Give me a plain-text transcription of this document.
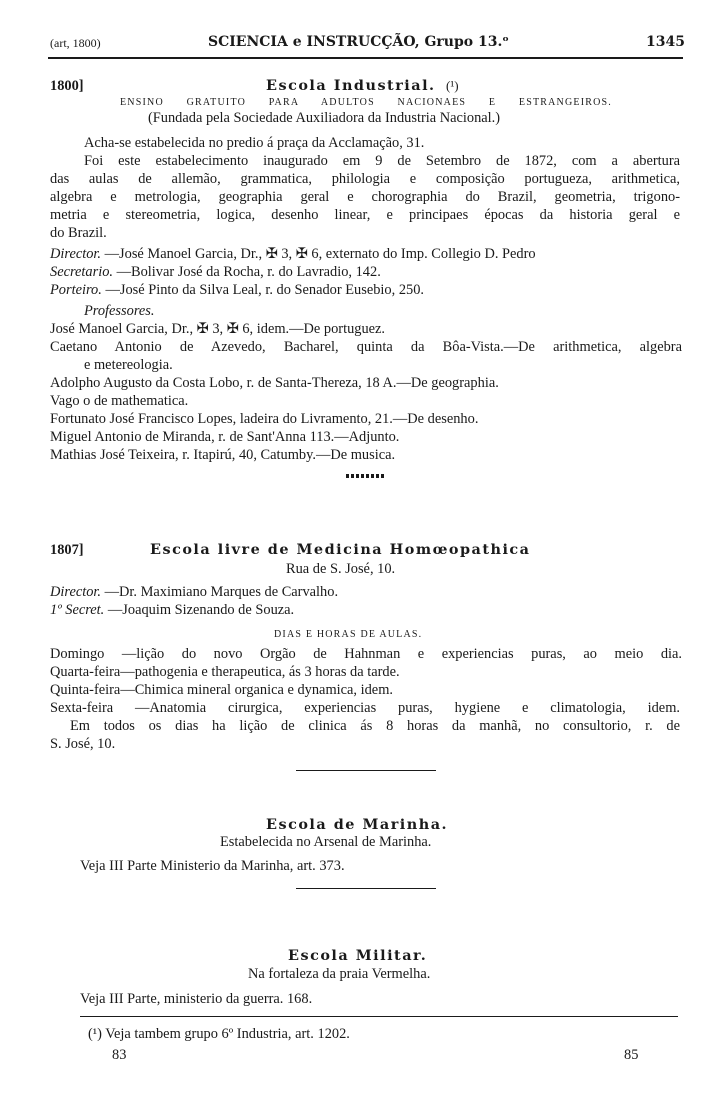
(art, 1800)	SCIENCIA e INSTRUCÇÃO, Grupo 13.ᵒ	1345
1800]	Escola Industrial. (¹)
ENSINO GRATUITO PARA ADULTOS NACIONAES E ESTRANGEIROS.
(Fundada pela Sociedade Auxiliadora da Industria Nacional.)
Acha-se estabelecida no predio á praça da Acclamação, 31.
Foi este estabelecimento inaugurado em 9 de Setembro de 1872, com a abertura
das aulas de allemão, grammatica, philologia e composição portugueza, arithmetica,
algebra e metrologia, geographia geral e chorographia do Brazil, geometria, trigono-
metria e stereometria, logica, desenho linear, e principaes épocas da historia geral e
do Brazil.
Director. —José Manoel Garcia, Dr., ✠ 3, ✠ 6, externato do Imp. Collegio D. Pedro
Secretario. —Bolivar José da Rocha, r. do Lavradio, 142.
Porteiro. —José Pinto da Silva Leal, r. do Senador Eusebio, 250.
Professores.
José Manoel Garcia, Dr., ✠ 3, ✠ 6, idem.—De portuguez.
Caetano Antonio de Azevedo, Bacharel, quinta da Bôa-Vista.—De arithmetica, algebra
e metereologia.
Adolpho Augusto da Costa Lobo, r. de Santa-Thereza, 18 A.—De geographia.
Vago o de mathematica.
Fortunato José Francisco Lopes, ladeira do Livramento, 21.—De desenho.
Miguel Antonio de Miranda, r. de Sant'Anna 113.—Adjunto.
Mathias José Teixeira, r. Itapirú, 40, Catumby.—De musica.
1807]	Escola livre de Medicina Homœopathica
Rua de S. José, 10.
Director. —Dr. Maximiano Marques de Carvalho.
1º Secret. —Joaquim Sizenando de Souza.
DIAS E HORAS DE AULAS.
Domingo —lição do novo Orgão de Hahnman e experiencias puras, ao meio dia.
Quarta-feira—pathogenia e therapeutica, ás 3 horas da tarde.
Quinta-feira—Chimica mineral organica e dynamica, idem.
Sexta-feira —Anatomia cirurgica, experiencias puras, hygiene e climatologia, idem.
Em todos os dias ha lição de clinica ás 8 horas da manhã, no consultorio, r. de
S. José, 10.
Escola de Marinha.
Estabelecida no Arsenal de Marinha.
Veja III Parte Ministerio da Marinha, art. 373.
Escola Militar.
Na fortaleza da praia Vermelha.
Veja III Parte, ministerio da guerra. 168.
(¹) Veja tambem grupo 6º Industria, art. 1202.
83	85
